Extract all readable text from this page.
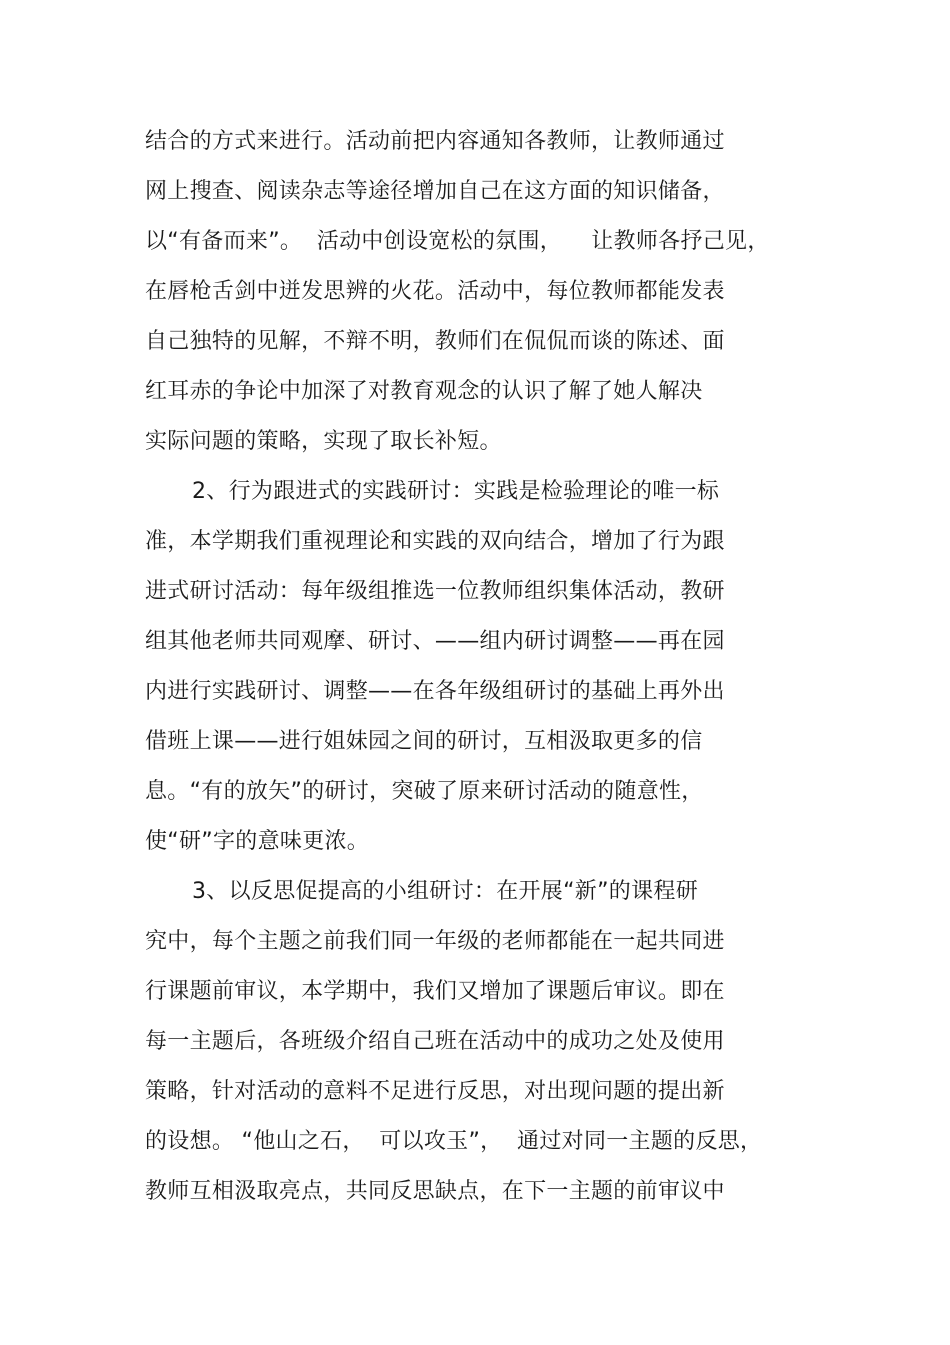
结合的方式来进行。活动前把内容通知各教师，让教师通过
网上搜查、阅读杂志等途径增加自己在这方面的知识储备，
以“有备而来”。  活动中创设宽松的氛围，    让教师各抒己见，
在唇枪舌剑中迸发思辨的火花。活动中，每位教师都能发表
自己独特的见解，不辩不明，教师们在侃侃而谈的陈述、面
红耳赤的争论中加深了对教育观念的认识了解了她人解决
实际问题的策略，实现了取长补短。
2、行为跟进式的实践研讨：实践是检验理论的唯一标
准，本学期我们重视理论和实践的双向结合，增加了行为跟
进式研讨活动：每年级组推选一位教师组织集体活动，教研
组其他老师共同观摩、研讨、——组内研讨调整——再在园
内进行实践研讨、调整——在各年级组研讨的基础上再外出
借班上课——进行姐妹园之间的研讨，互相汲取更多的信
息。“有的放矢”的研讨，突破了原来研讨活动的随意性，
使“研”字的意味更浓。
3、以反思促提高的小组研讨：在开展“新”的课程研
究中，每个主题之前我们同一年级的老师都能在一起共同进
行课题前审议，本学期中，我们又增加了课题后审议。即在
每一主题后，各班级介绍自己班在活动中的成功之处及使用
策略，针对活动的意料不足进行反思，对出现问题的提出新
的设想。 “他山之石，  可以攻玉”，  通过对同一主题的反思，
教师互相汲取亮点，共同反思缺点，在下一主题的前审议中
